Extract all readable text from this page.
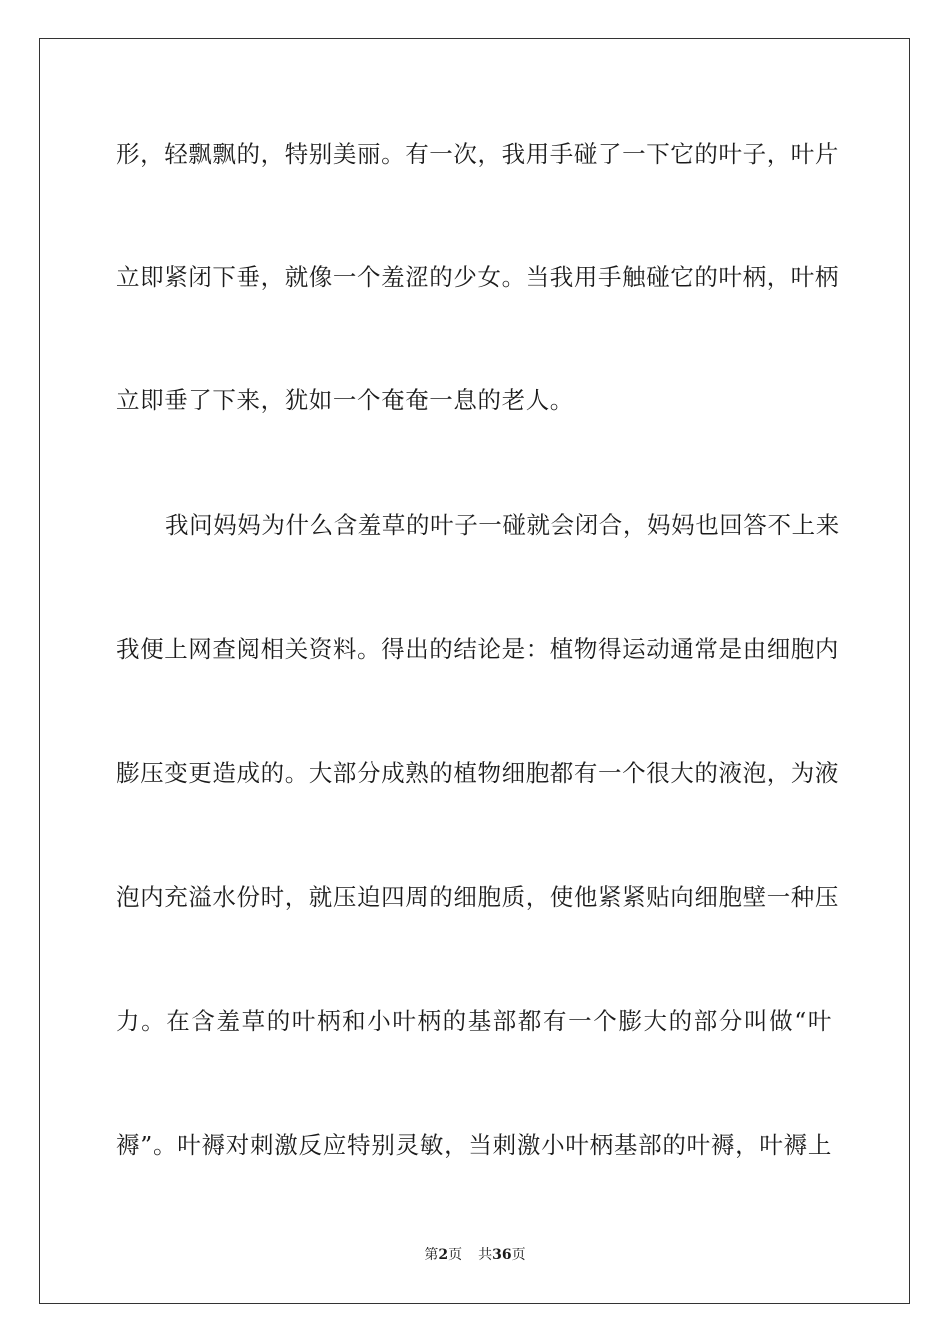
形，轻飘飘的，特别美丽。有一次，我用手碰了一下它的叶子，叶片
立即紧闭下垂，就像一个羞涩的少女。当我用手触碰它的叶柄，叶柄
立即垂了下来，犹如一个奄奄一息的老人。
我问妈妈为什么含羞草的叶子一碰就会闭合，妈妈也回答不上来
我便上网查阅相关资料。得出的结论是：植物得运动通常是由细胞内
膨压变更造成的。大部分成熟的植物细胞都有一个很大的液泡，为液
泡内充溢水份时，就压迫四周的细胞质，使他紧紧贴向细胞壁一种压
力。在含羞草的叶柄和小叶柄的基部都有一个膨大的部分叫做“叶
褥”。叶褥对刺激反应特别灵敏，当刺激小叶柄基部的叶褥，叶褥上
第2页 共36页
